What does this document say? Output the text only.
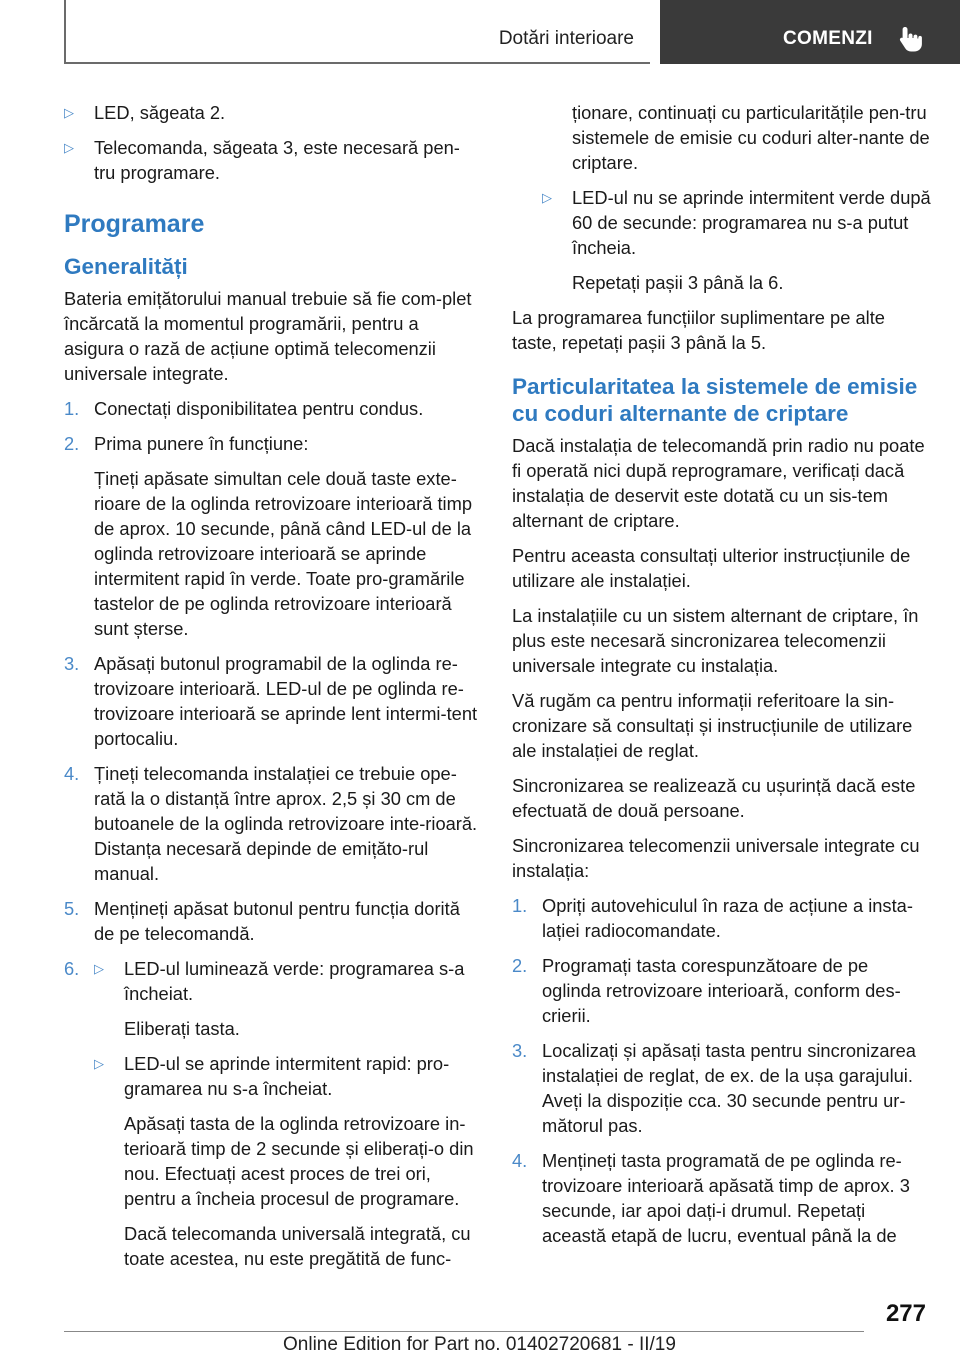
Dotări interioare	COMENZI
▷ LED, săgeata 2.
▷ Telecomanda, săgeata 3, este necesară pen-tru programare.
Programare
Generalități

Bateria emițătorului manual trebuie să fie com-plet încărcată la momentul programării, pentru a asigura o rază de acțiune optimă telecomenzii universale integrate.

1. Conectați disponibilitatea pentru condus.
2. Prima punere în funcțiune:

Țineți apăsate simultan cele două taste exte-rioare de la oglinda retrovizoare interioară timp de aprox. 10 secunde, până când LED-ul de la oglinda retrovizoare interioară se aprinde intermitent rapid în verde. Toate pro-gramările tastelor de pe oglinda retrovizoare interioară sunt șterse.

3. Apăsați butonul programabil de la oglinda re-trovizoare interioară. LED-ul de pe oglinda re-trovizoare interioară se aprinde lent intermi-tent portocaliu.
4. Țineți telecomanda instalației ce trebuie ope-rată la o distanță între aprox. 2,5 și 30 cm de butoanele de la oglinda retrovizoare inte-rioară. Distanța necesară depinde de emițăto-rul manual.
5. Mențineți apăsat butonul pentru funcția dorită de pe telecomandă.
6. ▷ LED-ul luminează verde: programarea s-a încheiat.

Eliberați tasta.

▷ LED-ul se aprinde intermitent rapid: pro-gramarea nu s-a încheiat.

Apăsați tasta de la oglinda retrovizoare in-terioară timp de 2 secunde și eliberați-o din nou. Efectuați acest proces de trei ori, pentru a încheia procesul de programare.

Dacă telecomanda universală integrată, cu toate acestea, nu este pregătită de func-

ționare, continuați cu particularitățile pen-tru sistemele de emisie cu coduri alter-nante de criptare.

▷ LED-ul nu se aprinde intermitent verde după 60 de secunde: programarea nu s-a putut încheia.

Repetați pașii 3 până la 6.

La programarea funcțiilor suplimentare pe alte taste, repetați pașii 3 până la 5.

Particularitatea la sistemele de emisie cu coduri alternante de criptare

Dacă instalația de telecomandă prin radio nu poate fi operată nici după reprogramare, verificați dacă instalația de deservit este dotată cu un sis-tem alternant de criptare.

Pentru aceasta consultați ulterior instrucțiunile de utilizare ale instalației.

La instalațiile cu un sistem alternant de criptare, în plus este necesară sincronizarea telecomenzii universale integrate cu instalația.

Vă rugăm ca pentru informații referitoare la sin-cronizare să consultați și instrucțiunile de utilizare ale instalației de reglat.

Sincronizarea se realizează cu ușurință dacă este efectuată de două persoane.

Sincronizarea telecomenzii universale integrate cu instalația:

1. Opriți autovehiculul în raza de acțiune a insta-lației radiocomandate.
2. Programați tasta corespunzătoare de pe oglinda retrovizoare interioară, conform des-crierii.
3. Localizați și apăsați tasta pentru sincronizarea instalației de reglat, de ex. de la ușa garajului. Aveți la dispoziție cca. 30 secunde pentru ur-mătorul pas.
4. Mențineți tasta programată de pe oglinda re-trovizoare interioară apăsată timp de aprox. 3 secunde, iar apoi dați-i drumul. Repetați această etapă de lucru, eventual până la de
277
Online Edition for Part no. 01402720681 - II/19
